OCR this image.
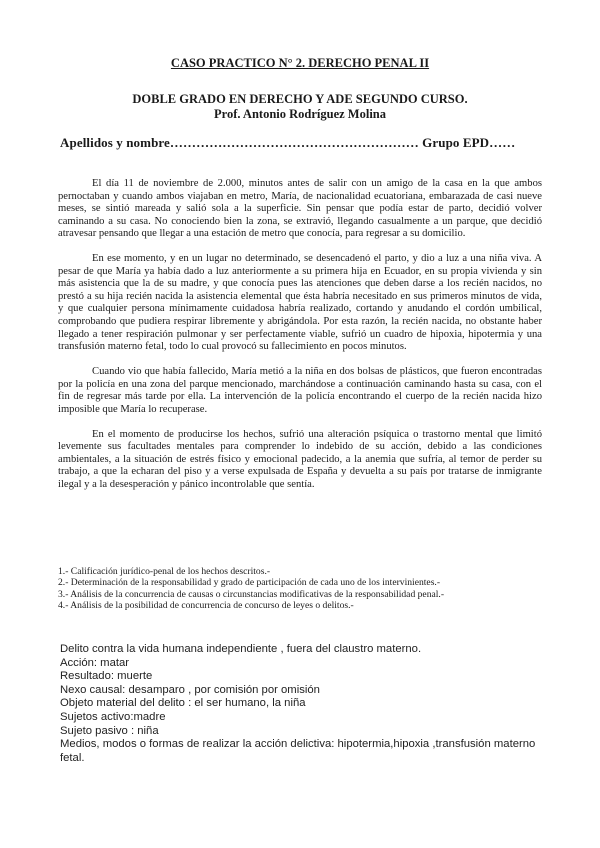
CASO PRACTICO N° 2. DERECHO PENAL II
DOBLE GRADO EN DERECHO Y ADE SEGUNDO CURSO.
Prof. Antonio Rodríguez Molina
Apellidos y nombre………………………………………………… Grupo EPD……

El día 11 de noviembre de 2.000, minutos antes de salir con un amigo de la casa en la que ambos pernoctaban y cuando ambos viajaban en metro, María, de nacionalidad ecuatoriana, embarazada de casi nueve meses, se sintió mareada y salió sola a la superficie. Sin pensar que podía estar de parto, decidió volver caminando a su casa. No conociendo bien la zona, se extravió, llegando casualmente a un parque, que decidió atravesar pensando que llegar a una estación de metro que conocía, para regresar a su domicilio.

En ese momento, y en un lugar no determinado, se desencadenó el parto, y dio a luz a una niña viva. A pesar de que María ya había dado a luz anteriormente a su primera hija en Ecuador, en su propia vivienda y sin más asistencia que la de su madre, y que conocía pues las atenciones que deben darse a los recién nacidos, no prestó a su hija recién nacida la asistencia elemental que ésta habría necesitado en sus primeros minutos de vida, y que cualquier persona mínimamente cuidadosa habría realizado, cortando y anudando el cordón umbilical, comprobando que pudiera respirar libremente y abrigándola. Por esta razón, la recién nacida, no obstante haber llegado a tener respiración pulmonar y ser perfectamente viable, sufrió un cuadro de hipoxia, hipotermia y una transfusión materno fetal, todo lo cual provocó su fallecimiento en pocos minutos.

Cuando vio que había fallecido, María metió a la niña en dos bolsas de plásticos, que fueron encontradas por la policía en una zona del parque mencionado, marchándose a continuación caminando hasta su casa, con el fin de regresar más tarde por ella. La intervención de la policía encontrando el cuerpo de la recién nacida hizo imposible que María lo recuperase.

En el momento de producirse los hechos, sufrió una alteración psíquica o trastorno mental que limitó levemente sus facultades mentales para comprender lo indebido de su acción, debido a las condiciones ambientales, a la situación de estrés físico y emocional padecido, a la anemia que sufría, al temor de perder su trabajo, a que la echaran del piso y a verse expulsada de España y devuelta a su país por tratarse de inmigrante ilegal y a la desesperación y pánico incontrolable que sentía.

1.- Calificación jurídico-penal de los hechos descritos.-
2.- Determinación de la responsabilidad y grado de participación de cada uno de los intervinientes.-
3.- Análisis de la concurrencia de causas o circunstancias modificativas de la responsabilidad penal.-
4.- Análisis de la posibilidad de concurrencia de concurso de leyes o delitos.-
Delito contra la vida humana independiente , fuera del claustro materno.
Acción: matar
Resultado: muerte
Nexo causal: desamparo , por comisión por omisión
Objeto material del delito : el ser humano, la niña
Sujetos activo:madre
Sujeto pasivo : niña
Medios, modos o formas de realizar la acción delictiva: hipotermia,hipoxia ,transfusión materno fetal.
